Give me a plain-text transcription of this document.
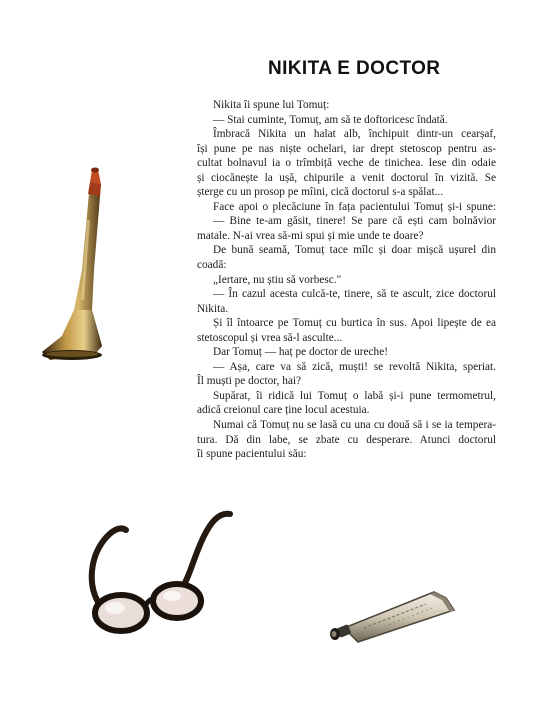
NIKITA E DOCTOR
Nikita îi spune lui Tomuț:
— Stai cuminte, Tomuț, am să te doftoricesc îndată.
Îmbracă Nikita un halat alb, închipuit dintr-un cearșaf,
își pune pe nas niște ochelari, iar drept stetoscop pentru as-
cultat bolnavul ia o trîmbiță veche de tinichea. Iese din odaie
și ciocănește la ușă, chipurile a venit doctorul în vizită. Se
șterge cu un prosop pe mîini, cică doctorul s-a spălat...
Face apoi o plecăciune în fața pacientului Tomuț și-i spune:
— Bine te-am găsit, tinere! Se pare că ești cam bolnăvior
matale. N-ai vrea să-mi spui și mie unde te doare?
De bună seamă, Tomuț tace mîlc și doar mișcă ușurel din
coadă:
„Iertare, nu știu să vorbesc."
— În cazul acesta culcă-te, tinere, să te ascult, zice doctorul
Nikita.
Și îl întoarce pe Tomuț cu burtica în sus. Apoi lipește de ea
stetoscopul și vrea să-l asculte...
Dar Tomuț — haț pe doctor de ureche!
— Așa, care va să zică, muști! se revoltă Nikita, speriat.
Îl muști pe doctor, hai?
Supărat, îi ridică lui Tomuț o labă și-i pune termometrul,
adică creionul care ține locul acestuia.
Numai că Tomuț nu se lasă cu una cu două să i se ia tempera-
tura. Dă din labe, se zbate cu desperare. Atunci doctorul
îi spune pacientului său:
